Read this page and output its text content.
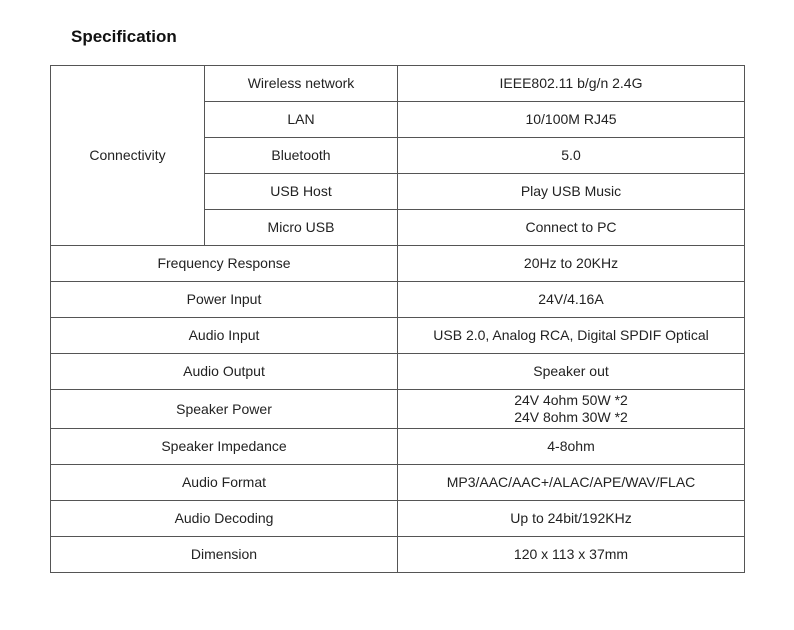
Specification
Connectivity	Wireless network	IEEE802.11 b/g/n 2.4G
	LAN	10/100M RJ45
	Bluetooth	5.0
	USB Host	Play USB Music
	Micro USB	Connect to PC
Frequency Response		20Hz to 20KHz
Power Input		24V/4.16A
Audio Input		USB 2.0, Analog RCA, Digital SPDIF Optical
Audio Output		Speaker out
Speaker Power		24V 4ohm 50W *2
24V 8ohm 30W *2

Speaker Impedance		4-8ohm
Audio Format		MP3/AAC/AAC+/ALAC/APE/WAV/FLAC
Audio Decoding		Up to 24bit/192KHz
Dimension		120 x 113 x 37mm
